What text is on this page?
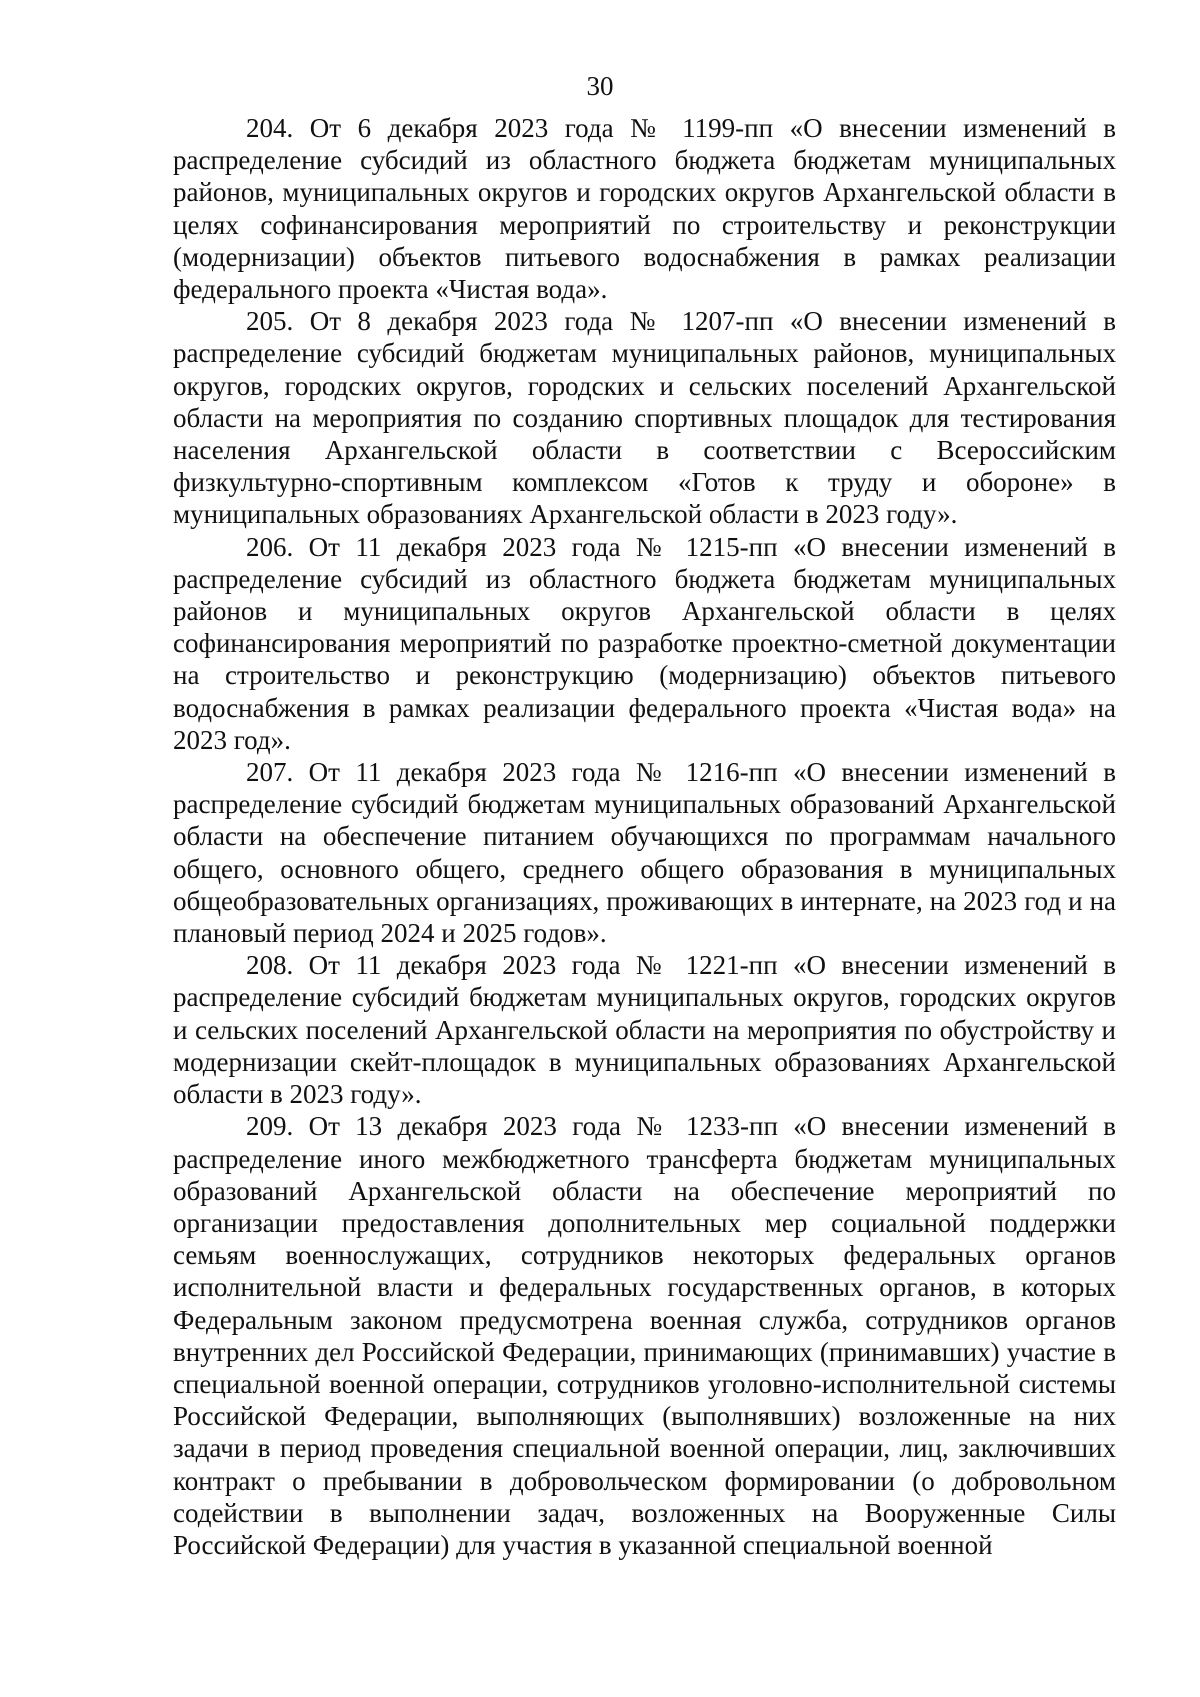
30

204. От 6 декабря 2023 года № 1199-пп «О внесении изменений в распределение субсидий из областного бюджета бюджетам муниципальных районов, муниципальных округов и городских округов Архангельской области в целях софинансирования мероприятий по строительству и реконструкции (модернизации) объектов питьевого водоснабжения в рамках реализации федерального проекта «Чистая вода».

205. От 8 декабря 2023 года № 1207-пп «О внесении изменений в распределение субсидий бюджетам муниципальных районов, муниципальных округов, городских округов, городских и сельских поселений Архангельской области на мероприятия по созданию спортивных площадок для тестирования населения Архангельской области в соответствии с Всероссийским физкультурно-спортивным комплексом «Готов к труду и обороне» в муниципальных образованиях Архангельской области в 2023 году».

206. От 11 декабря 2023 года № 1215-пп «О внесении изменений в распределение субсидий из областного бюджета бюджетам муниципальных районов и муниципальных округов Архангельской области в целях софинансирования мероприятий по разработке проектно-сметной документации на строительство и реконструкцию (модернизацию) объектов питьевого водоснабжения в рамках реализации федерального проекта «Чистая вода» на 2023 год».

207. От 11 декабря 2023 года № 1216-пп «О внесении изменений в распределение субсидий бюджетам муниципальных образований Архангельской области на обеспечение питанием обучающихся по программам начального общего, основного общего, среднего общего образования в муниципальных общеобразовательных организациях, проживающих в интернате, на 2023 год и на плановый период 2024 и 2025 годов».

208. От 11 декабря 2023 года № 1221-пп «О внесении изменений в распределение субсидий бюджетам муниципальных округов, городских округов и сельских поселений Архангельской области на мероприятия по обустройству и модернизации скейт-площадок в муниципальных образованиях Архангельской области в 2023 году».

209. От 13 декабря 2023 года № 1233-пп «О внесении изменений в распределение иного межбюджетного трансферта бюджетам муниципальных образований Архангельской области на обеспечение мероприятий по организации предоставления дополнительных мер социальной поддержки семьям военнослужащих, сотрудников некоторых федеральных органов исполнительной власти и федеральных государственных органов, в которых Федеральным законом предусмотрена военная служба, сотрудников органов внутренних дел Российской Федерации, принимающих (принимавших) участие в специальной военной операции, сотрудников уголовно-исполнительной системы Российской Федерации, выполняющих (выполнявших) возложенные на них задачи в период проведения специальной военной операции, лиц, заключивших контракт о пребывании в добровольческом формировании (о добровольном содействии в выполнении задач, возложенных на Вооруженные Силы Российской Федерации) для участия в указанной специальной военной
